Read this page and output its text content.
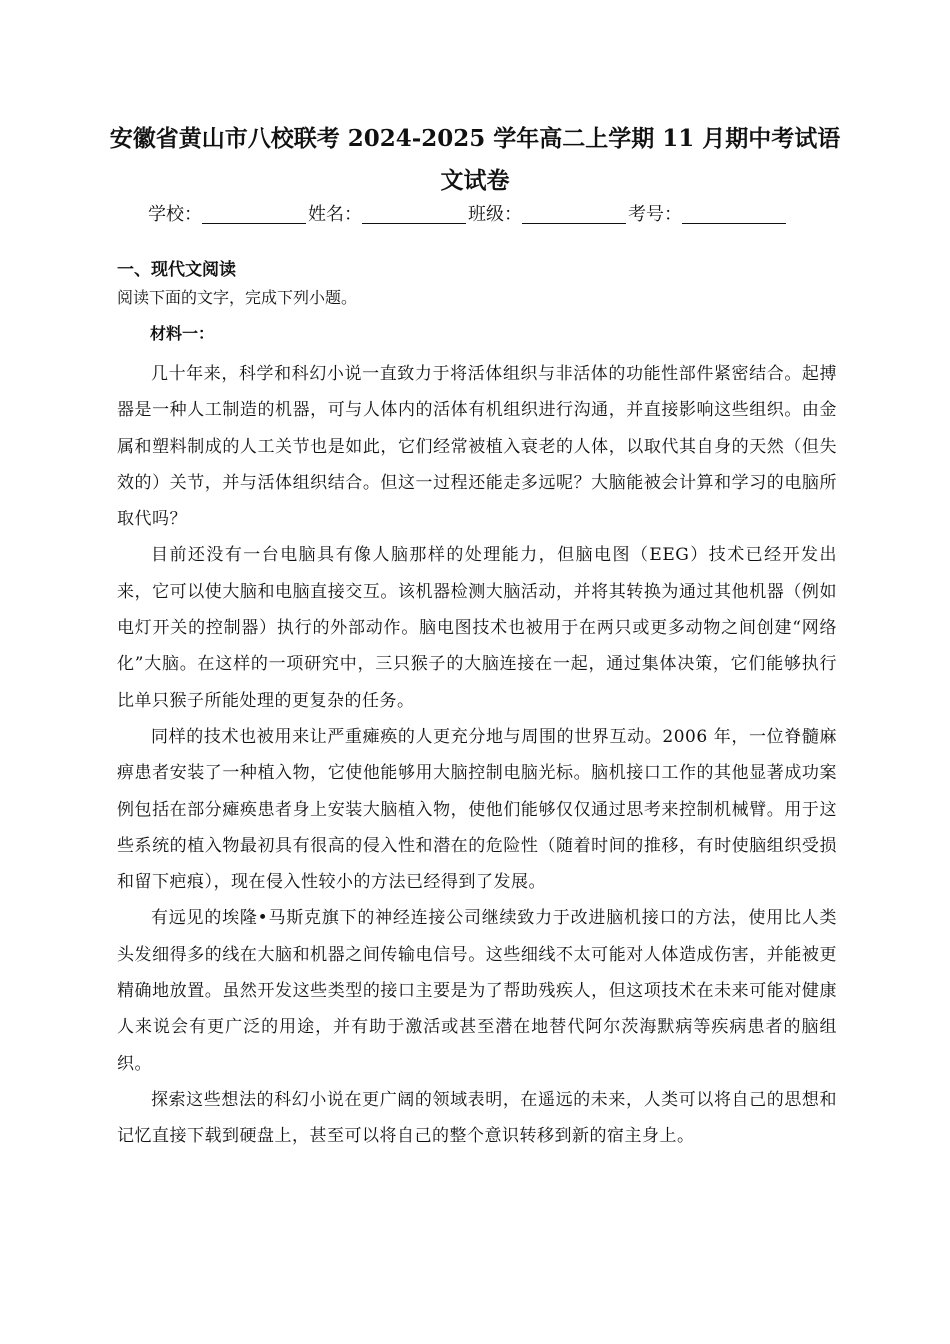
安徽省黄山市八校联考 2024-2025 学年高二上学期 11 月期中考试语
文试卷
学校：	姓名：	班级：	考号：
一、现代文阅读
阅读下面的文字，完成下列小题。
材料一：

几十年来，科学和科幻小说一直致力于将活体组织与非活体的功能性部件紧密结合。起搏器是一种人工制造的机器，可与人体内的活体有机组织进行沟通，并直接影响这些组织。由金属和塑料制成的人工关节也是如此，它们经常被植入衰老的人体，以取代其自身的天然（但失效的）关节，并与活体组织结合。但这一过程还能走多远呢？大脑能被会计算和学习的电脑所取代吗？

目前还没有一台电脑具有像人脑那样的处理能力，但脑电图（EEG）技术已经开发出来，它可以使大脑和电脑直接交互。该机器检测大脑活动，并将其转换为通过其他机器（例如电灯开关的控制器）执行的外部动作。脑电图技术也被用于在两只或更多动物之间创建“网络化”大脑。在这样的一项研究中，三只猴子的大脑连接在一起，通过集体决策，它们能够执行比单只猴子所能处理的更复杂的任务。

同样的技术也被用来让严重瘫痪的人更充分地与周围的世界互动。2006 年，一位脊髓麻痹患者安装了一种植入物，它使他能够用大脑控制电脑光标。脑机接口工作的其他显著成功案例包括在部分瘫痪患者身上安装大脑植入物，使他们能够仅仅通过思考来控制机械臂。用于这些系统的植入物最初具有很高的侵入性和潜在的危险性（随着时间的推移，有时使脑组织受损和留下疤痕），现在侵入性较小的方法已经得到了发展。

有远见的埃隆•马斯克旗下的神经连接公司继续致力于改进脑机接口的方法，使用比人类头发细得多的线在大脑和机器之间传输电信号。这些细线不太可能对人体造成伤害，并能被更精确地放置。虽然开发这些类型的接口主要是为了帮助残疾人，但这项技术在未来可能对健康人来说会有更广泛的用途，并有助于激活或甚至潜在地替代阿尔茨海默病等疾病患者的脑组织。

探索这些想法的科幻小说在更广阔的领域表明，在遥远的未来，人类可以将自己的思想和记忆直接下载到硬盘上，甚至可以将自己的整个意识转移到新的宿主身上。
